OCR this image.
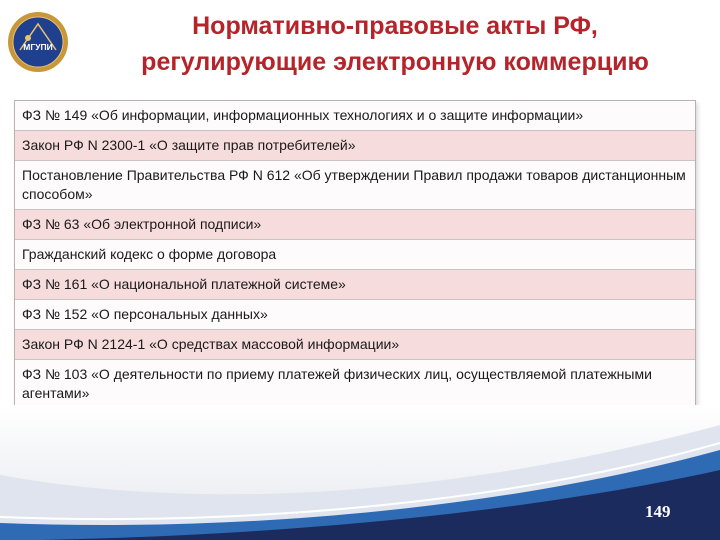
МГУПИ
Нормативно-правовые акты РФ,
регулирующие электронную коммерцию
ФЗ № 149 «Об информации, информационных технологиях и о защите информации»
Закон РФ N 2300-1 «О защите прав потребителей»
Постановление Правительства РФ N 612 «Об утверждении Правил продажи товаров дистанционным способом»
ФЗ № 63 «Об электронной подписи»
Гражданский кодекс о форме договора
ФЗ № 161 «О национальной платежной системе»
ФЗ № 152 «О персональных данных»
Закон РФ N 2124-1 «О средствах массовой информации»
ФЗ № 103 «О деятельности по приему платежей физических лиц, осуществляемой платежными агентами»
149
